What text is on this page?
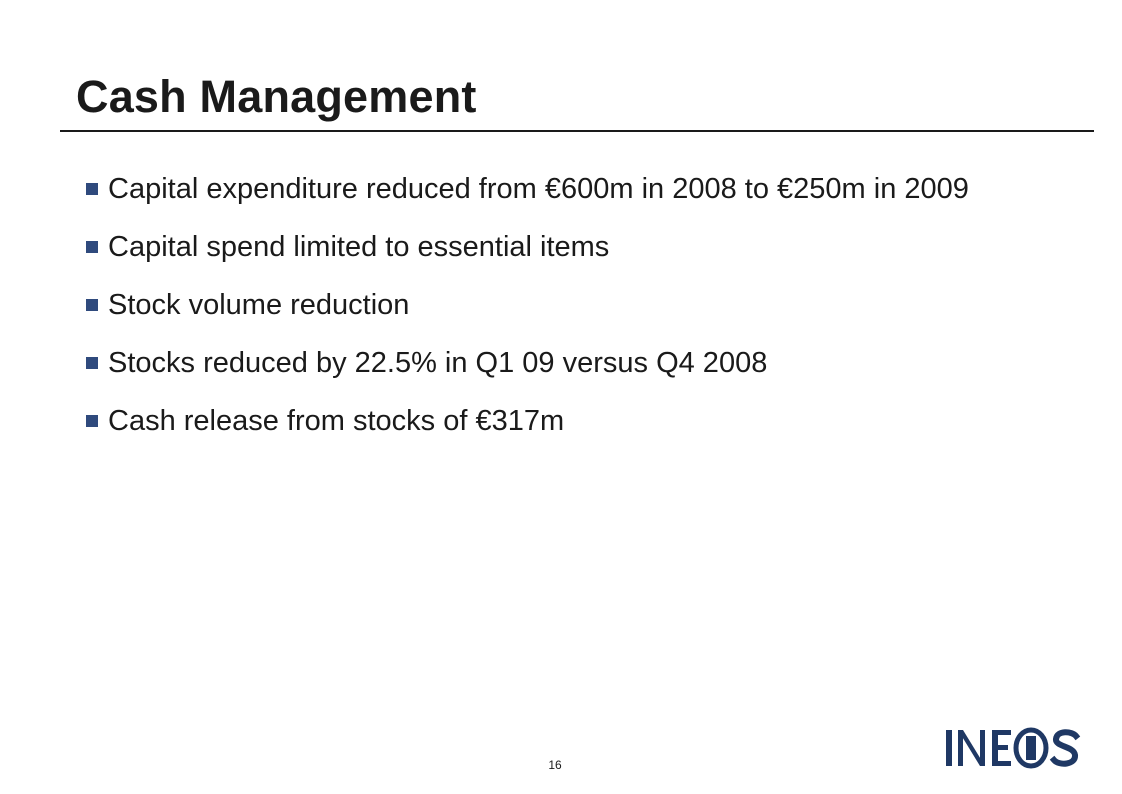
Cash Management
Capital expenditure reduced from €600m in 2008 to €250m in 2009
Capital spend limited to essential items
Stock volume reduction
Stocks reduced by 22.5% in Q1 09 versus Q4 2008
Cash release from stocks of €317m
16
